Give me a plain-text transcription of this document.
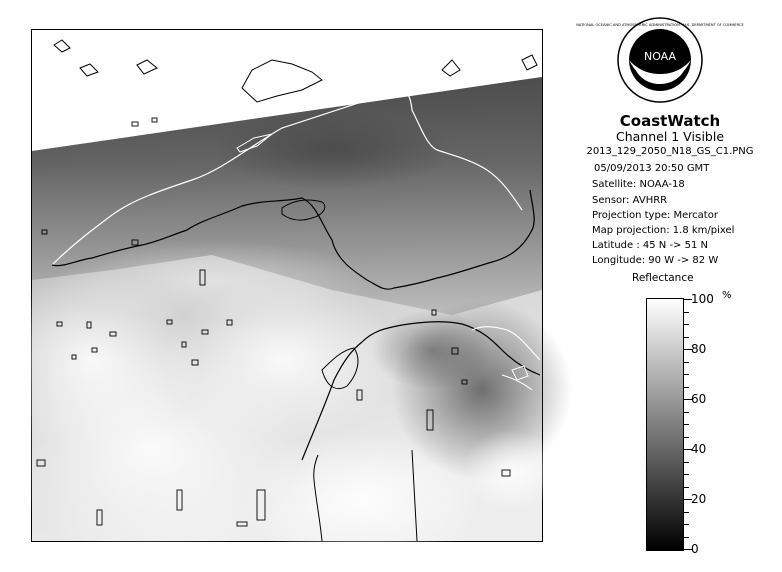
NOAA
NATIONAL OCEANIC AND ATMOSPHERIC ADMINISTRATION · U.S. DEPARTMENT OF COMMERCE
CoastWatch
Channel 1 Visible
2013_129_2050_N18_GS_C1.PNG
05/09/2013 20:50 GMT
Satellite: NOAA-18
Sensor: AVHRR
Projection type: Mercator
Map projection: 1.8 km/pixel
Latitude : 45 N -> 51 N
Longitude: 90 W -> 82 W
Reflectance
100
80
60
40
20
0
%
